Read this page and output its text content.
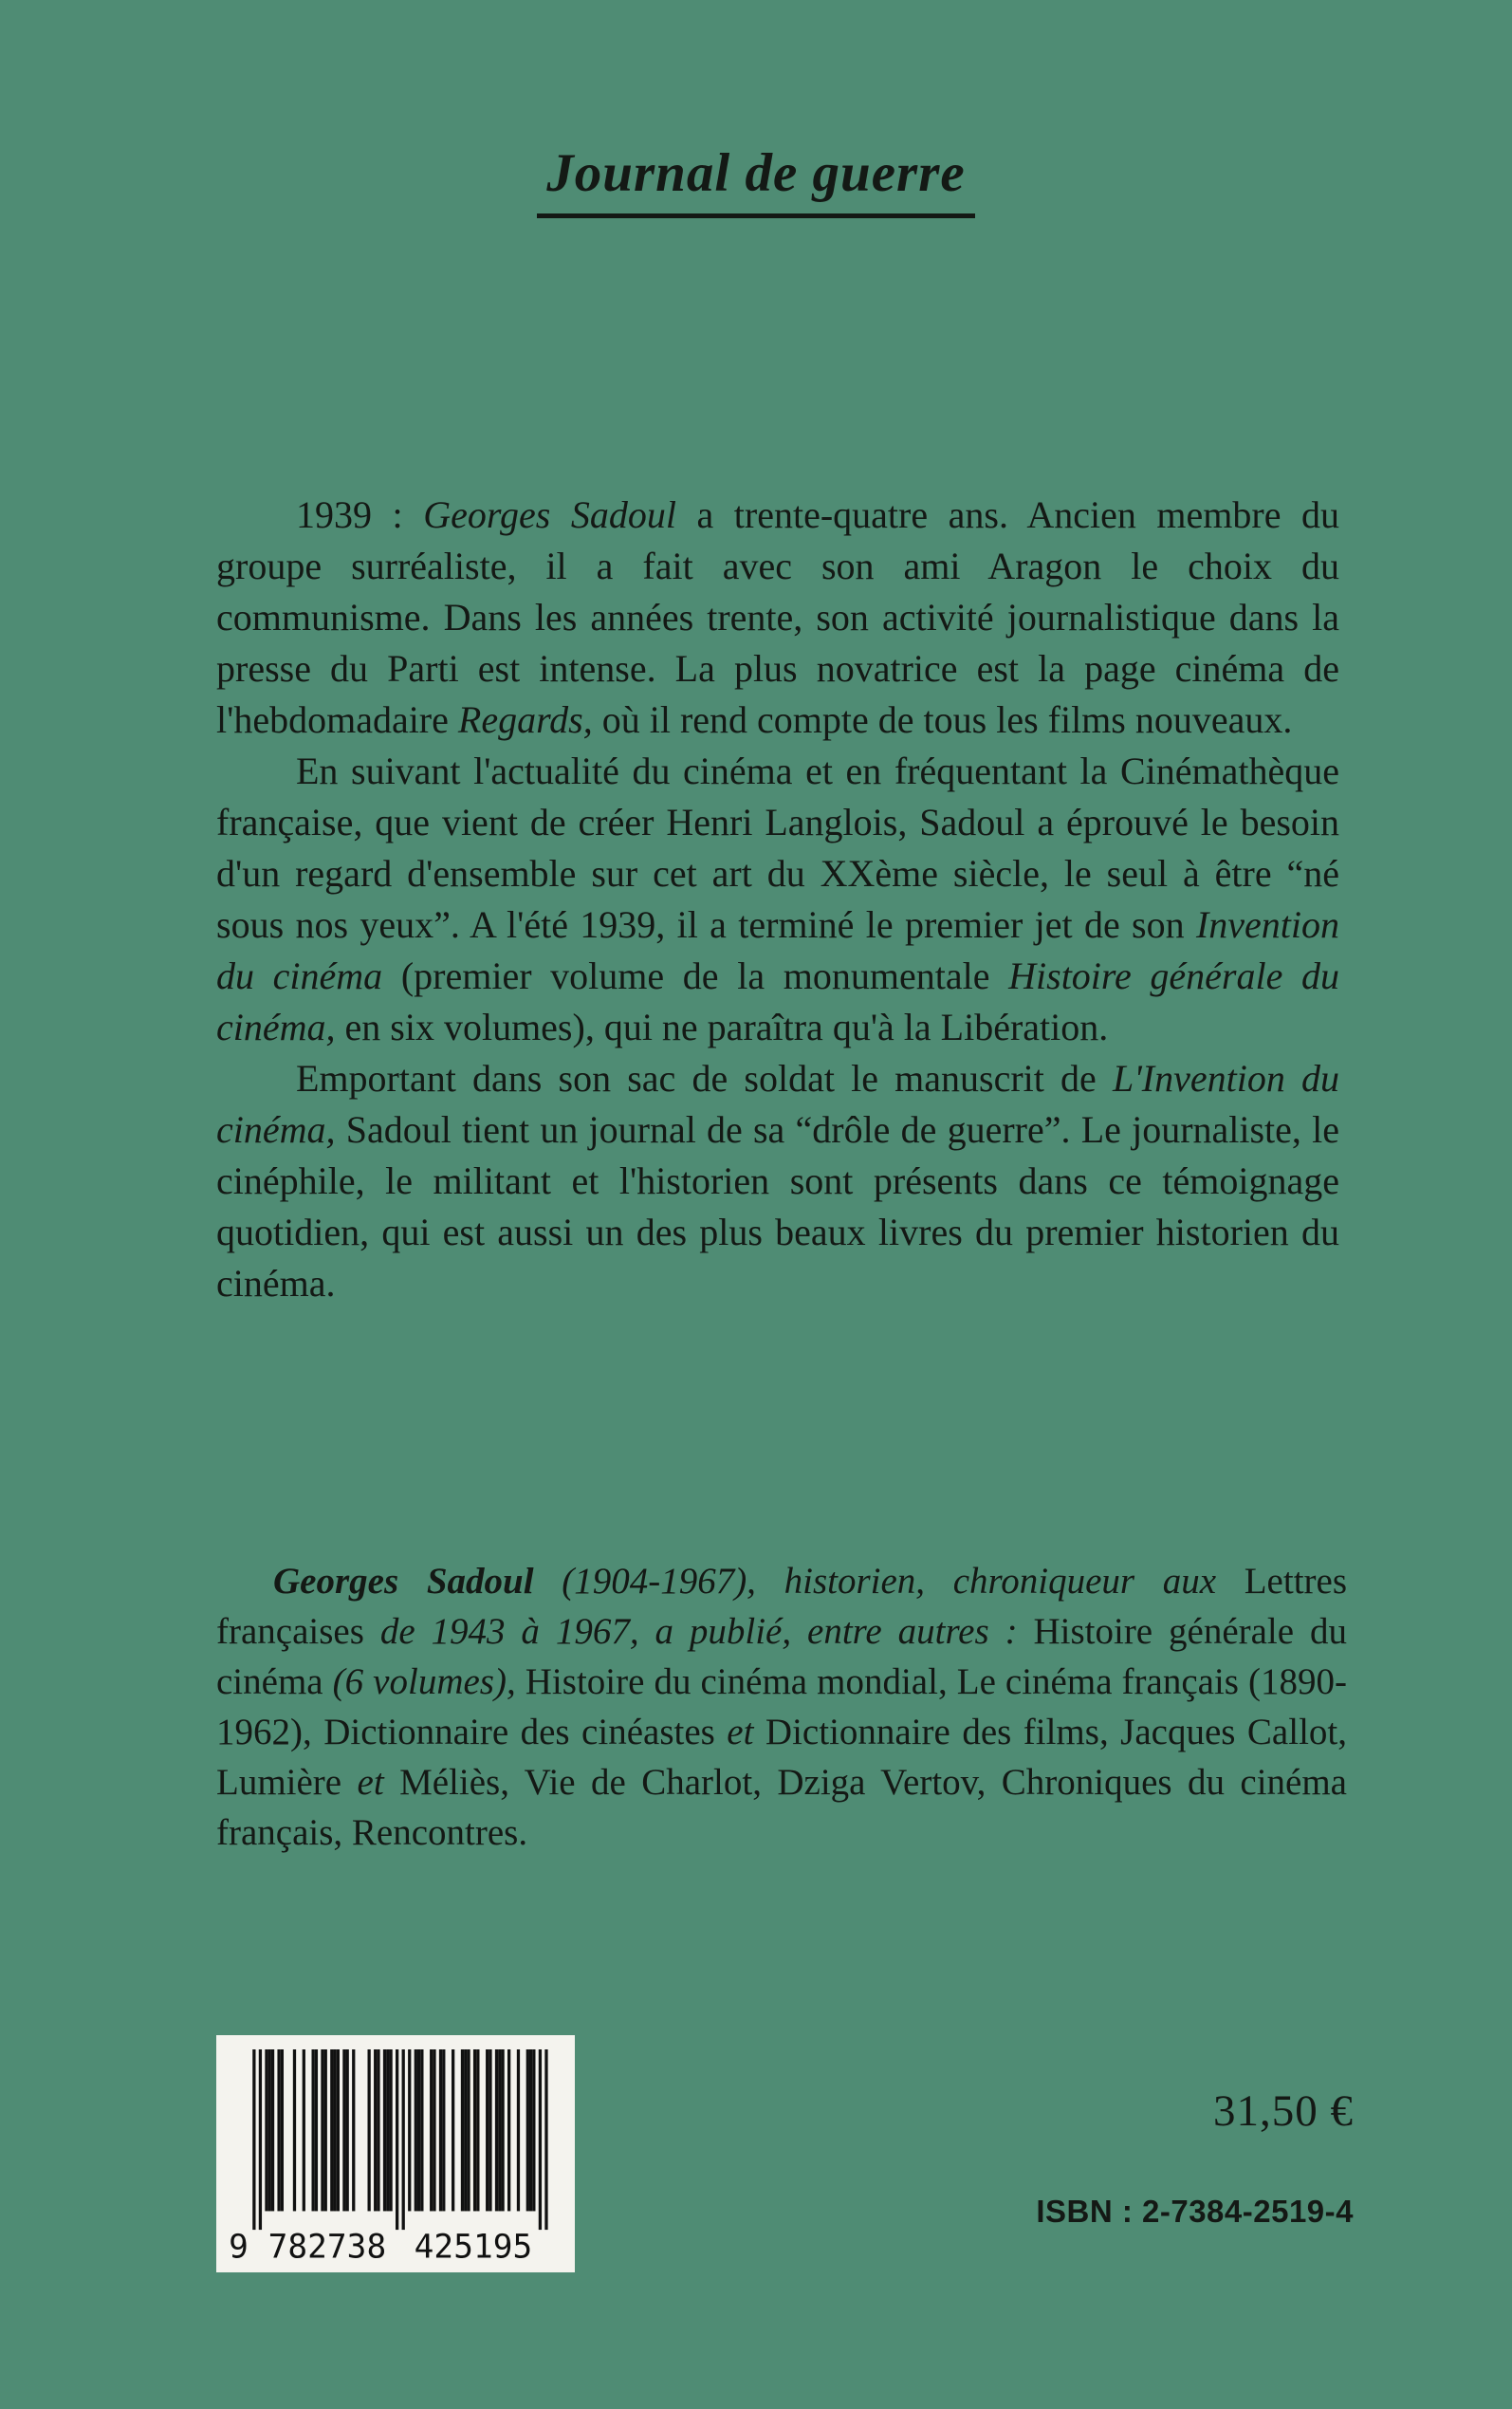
Journal de guerre

1939 : Georges Sadoul a trente-quatre ans. Ancien membre du groupe surréaliste, il a fait avec son ami Aragon le choix du communisme. Dans les années trente, son activité journalistique dans la presse du Parti est intense. La plus novatrice est la page cinéma de l'hebdomadaire Regards, où il rend compte de tous les films nouveaux.

En suivant l'actualité du cinéma et en fréquentant la Cinémathèque française, que vient de créer Henri Langlois, Sadoul a éprouvé le besoin d'un regard d'ensemble sur cet art du XXème siècle, le seul à être “né sous nos yeux”. A l'été 1939, il a terminé le premier jet de son Invention du cinéma (premier volume de la monumentale Histoire générale du cinéma, en six volumes), qui ne paraîtra qu'à la Libération.

Emportant dans son sac de soldat le manuscrit de L'Invention du cinéma, Sadoul tient un journal de sa “drôle de guerre”. Le journaliste, le cinéphile, le militant et l'historien sont présents dans ce témoignage quotidien, qui est aussi un des plus beaux livres du premier historien du cinéma.

Georges Sadoul (1904-1967), historien, chroniqueur aux Lettres françaises de 1943 à 1967, a publié, entre autres : Histoire générale du cinéma (6 volumes), Histoire du cinéma mondial, Le cinéma français (1890-1962), Dictionnaire des cinéastes et Dictionnaire des films, Jacques Callot, Lumière et Méliès, Vie de Charlot, Dziga Vertov, Chroniques du cinéma français, Rencontres.

9 782738	425195
31,50 €
ISBN : 2-7384-2519-4
